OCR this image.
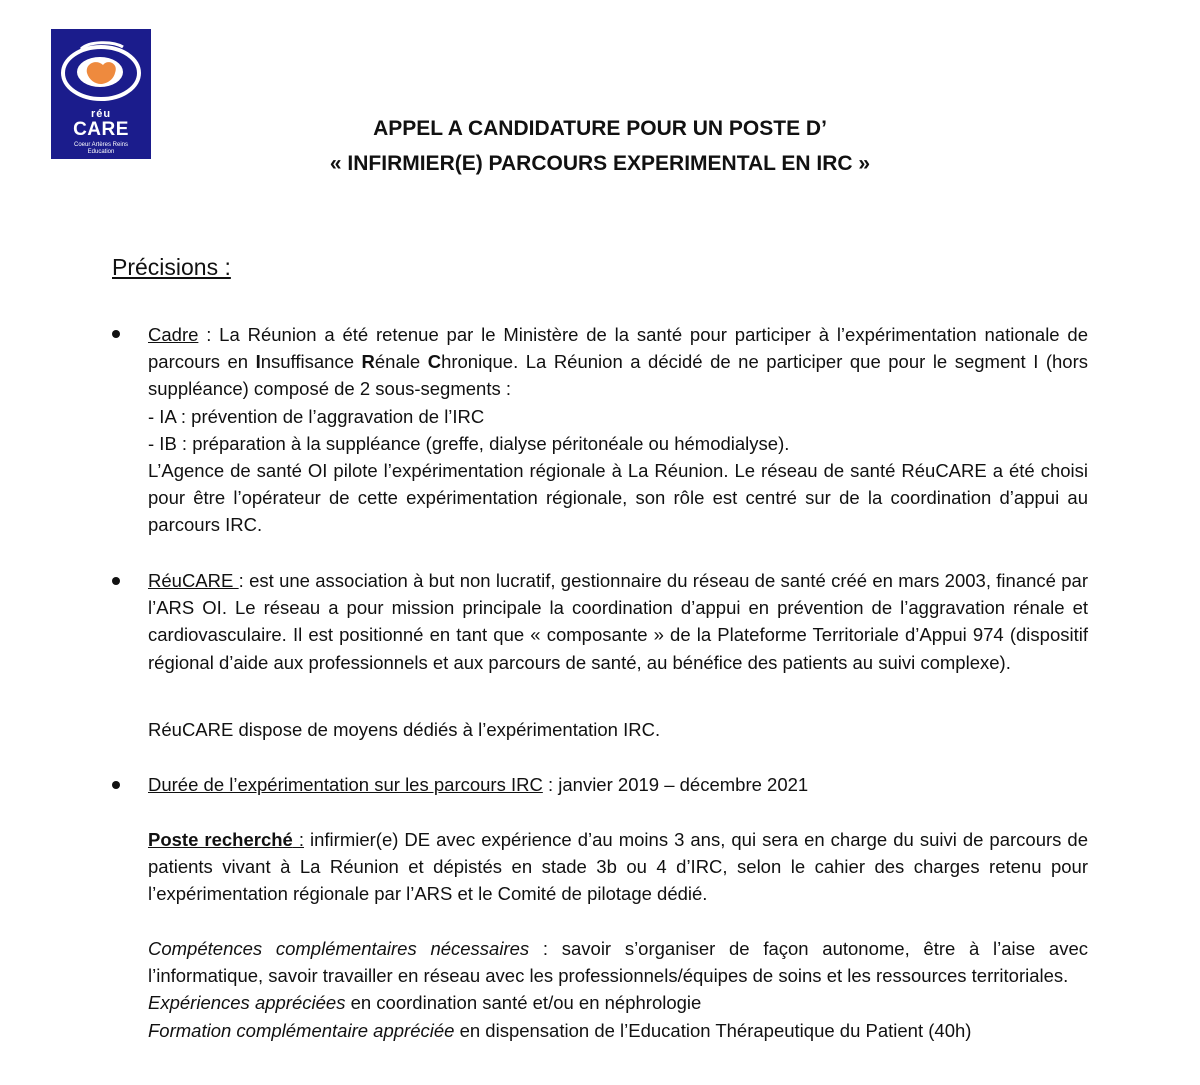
réu
CARE
Coeur Artères Reins
Education
APPEL A CANDIDATURE POUR UN POSTE D’
« INFIRMIER(E) PARCOURS EXPERIMENTAL EN IRC »
Précisions :

Cadre : La Réunion a été retenue par le Ministère de la santé pour participer à l’expérimentation nationale de parcours en Insuffisance Rénale Chronique. La Réunion a décidé de ne participer que pour le segment I (hors suppléance) composé de 2 sous-segments :

- IA : prévention de l’aggravation de l’IRC

- IB : préparation à la suppléance (greffe, dialyse péritonéale ou hémodialyse).

L’Agence de santé OI pilote l’expérimentation régionale à La Réunion. Le réseau de santé RéuCARE a été choisi pour être l’opérateur de cette expérimentation régionale, son rôle est centré sur de la coordination d’appui au parcours IRC.

RéuCARE : est une association à but non lucratif, gestionnaire du réseau de santé créé en mars 2003, financé par l’ARS OI. Le réseau a pour mission principale la coordination d’appui en prévention de l’aggravation rénale et cardiovasculaire. Il est positionné en tant que « composante » de la Plateforme Territoriale d’Appui 974 (dispositif régional d’aide aux professionnels et aux parcours de santé, au bénéfice des patients au suivi complexe).

RéuCARE dispose de moyens dédiés à l’expérimentation IRC.

Durée de l’expérimentation sur les parcours IRC : janvier 2019 – décembre 2021

Poste recherché : infirmier(e) DE avec expérience d’au moins 3 ans, qui sera en charge du suivi de parcours de patients vivant à La Réunion et dépistés en stade 3b ou 4 d’IRC, selon le cahier des charges retenu pour l’expérimentation régionale par l’ARS et le Comité de pilotage dédié.

Compétences complémentaires nécessaires : savoir s’organiser de façon autonome, être à l’aise avec l’informatique, savoir travailler en réseau avec les professionnels/équipes de soins et les ressources territoriales.

Expériences appréciées en coordination santé et/ou en néphrologie

Formation complémentaire appréciée en dispensation de l’Education Thérapeutique du Patient (40h)
